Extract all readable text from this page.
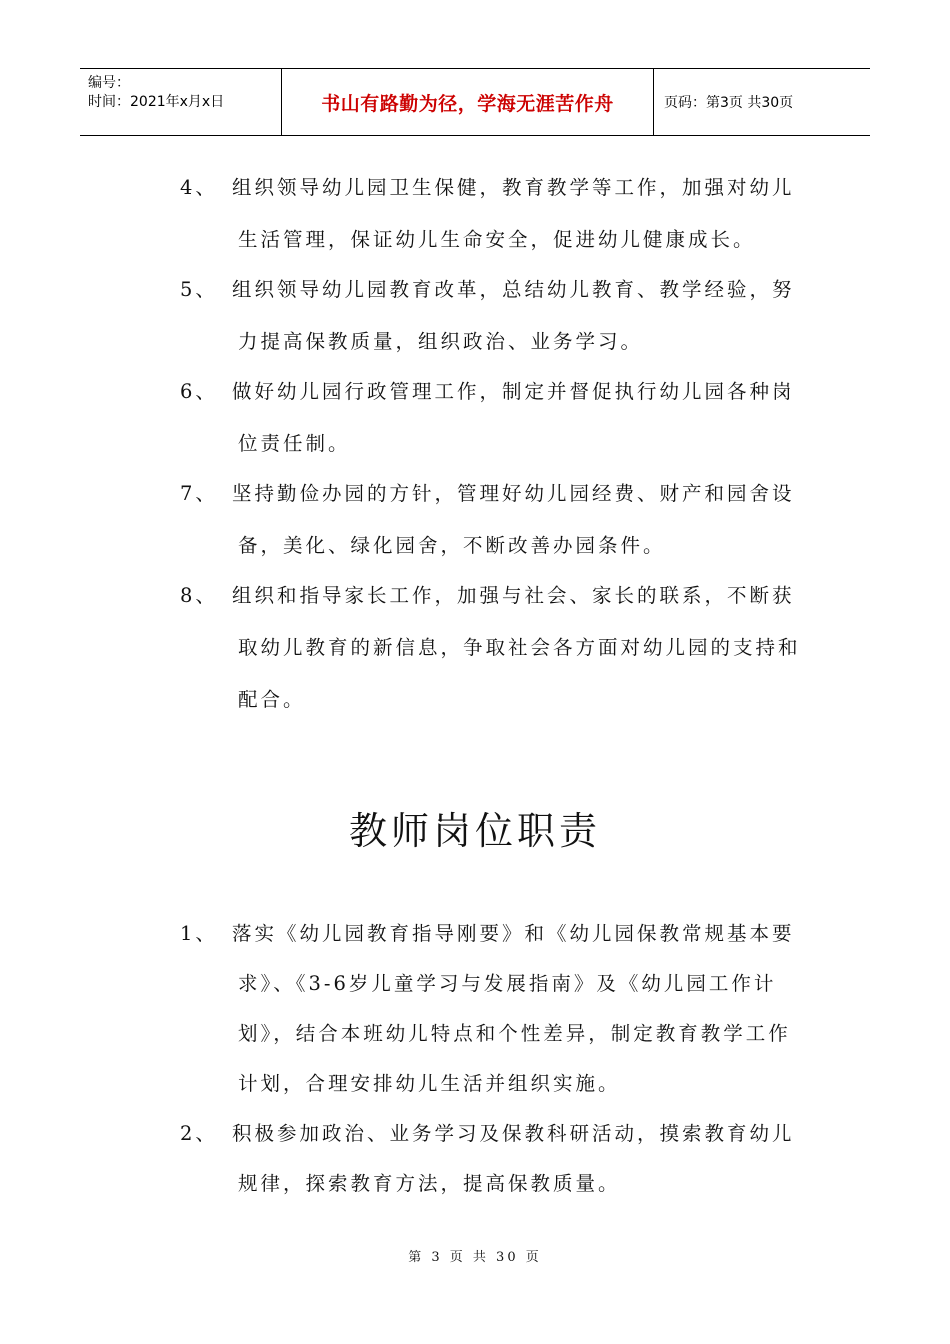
编号：
时间：2021年x月x日	书山有路勤为径，学海无涯苦作舟	页码：第3页 共30页
4、 组织领导幼儿园卫生保健，教育教学等工作，加强对幼儿
生活管理，保证幼儿生命安全，促进幼儿健康成长。
5、 组织领导幼儿园教育改革，总结幼儿教育、教学经验，努
力提高保教质量，组织政治、业务学习。
6、 做好幼儿园行政管理工作，制定并督促执行幼儿园各种岗
位责任制。
7、 坚持勤俭办园的方针，管理好幼儿园经费、财产和园舍设
备，美化、绿化园舍，不断改善办园条件。
8、 组织和指导家长工作，加强与社会、家长的联系，不断获
取幼儿教育的新信息，争取社会各方面对幼儿园的支持和
配合。
教师岗位职责
1、 落实《幼儿园教育指导刚要》和《幼儿园保教常规基本要
求》、《3-6岁儿童学习与发展指南》及《幼儿园工作计
划》，结合本班幼儿特点和个性差异，制定教育教学工作
计划，合理安排幼儿生活并组织实施。
2、 积极参加政治、业务学习及保教科研活动，摸索教育幼儿
规律，探索教育方法，提高保教质量。
第 3 页 共 30 页
